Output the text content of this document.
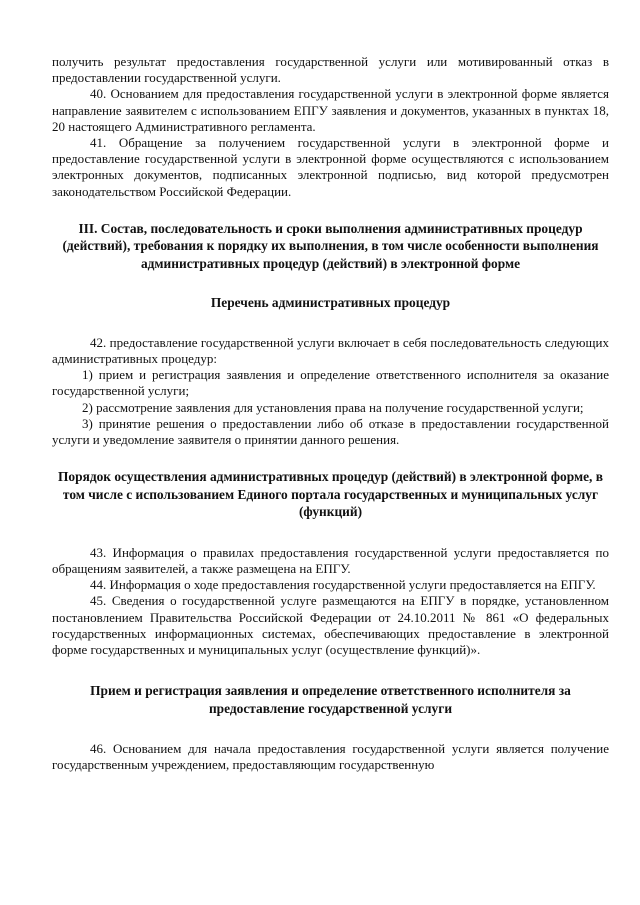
получить результат предоставления государственной услуги или мотивированный отказ в предоставлении государственной услуги.

40. Основанием для предоставления государственной услуги в электронной форме является направление заявителем с использованием ЕПГУ заявления и документов, указанных в пунктах 18, 20 настоящего Административного регламента.

41. Обращение за получением государственной услуги в электронной форме и предоставление государственной услуги в электронной форме осуществляются с использованием электронных документов, подписанных электронной подписью, вид которой предусмотрен законодательством Российской Федерации.

III. Состав, последовательность и сроки выполнения административных процедур (действий), требования к порядку их выполнения, в том числе особенности выполнения административных процедур (действий) в электронной форме

Перечень административных процедур

42. предоставление государственной услуги включает в себя последовательность следующих административных процедур:

1) прием и регистрация заявления и определение ответственного исполнителя за оказание государственной услуги;

2) рассмотрение заявления для установления права на получение государственной услуги;

3) принятие решения о предоставлении либо об отказе в предоставлении государственной услуги и уведомление заявителя о принятии данного решения.

Порядок осуществления административных процедур (действий) в электронной форме, в том числе с использованием Единого портала государственных и муниципальных услуг (функций)

43. Информация о правилах предоставления государственной услуги предоставляется по обращениям заявителей, а также размещена на ЕПГУ.

44. Информация о ходе предоставления государственной услуги предоставляется на ЕПГУ.

45. Сведения о государственной услуге размещаются на ЕПГУ в порядке, установленном постановлением Правительства Российской Федерации от 24.10.2011 № 861 «О федеральных государственных информационных системах, обеспечивающих предоставление в электронной форме государственных и муниципальных услуг (осуществление функций)».

Прием и регистрация заявления и определение ответственного исполнителя за предоставление государственной услуги

46. Основанием для начала предоставления государственной услуги является получение государственным учреждением, предоставляющим государственную
